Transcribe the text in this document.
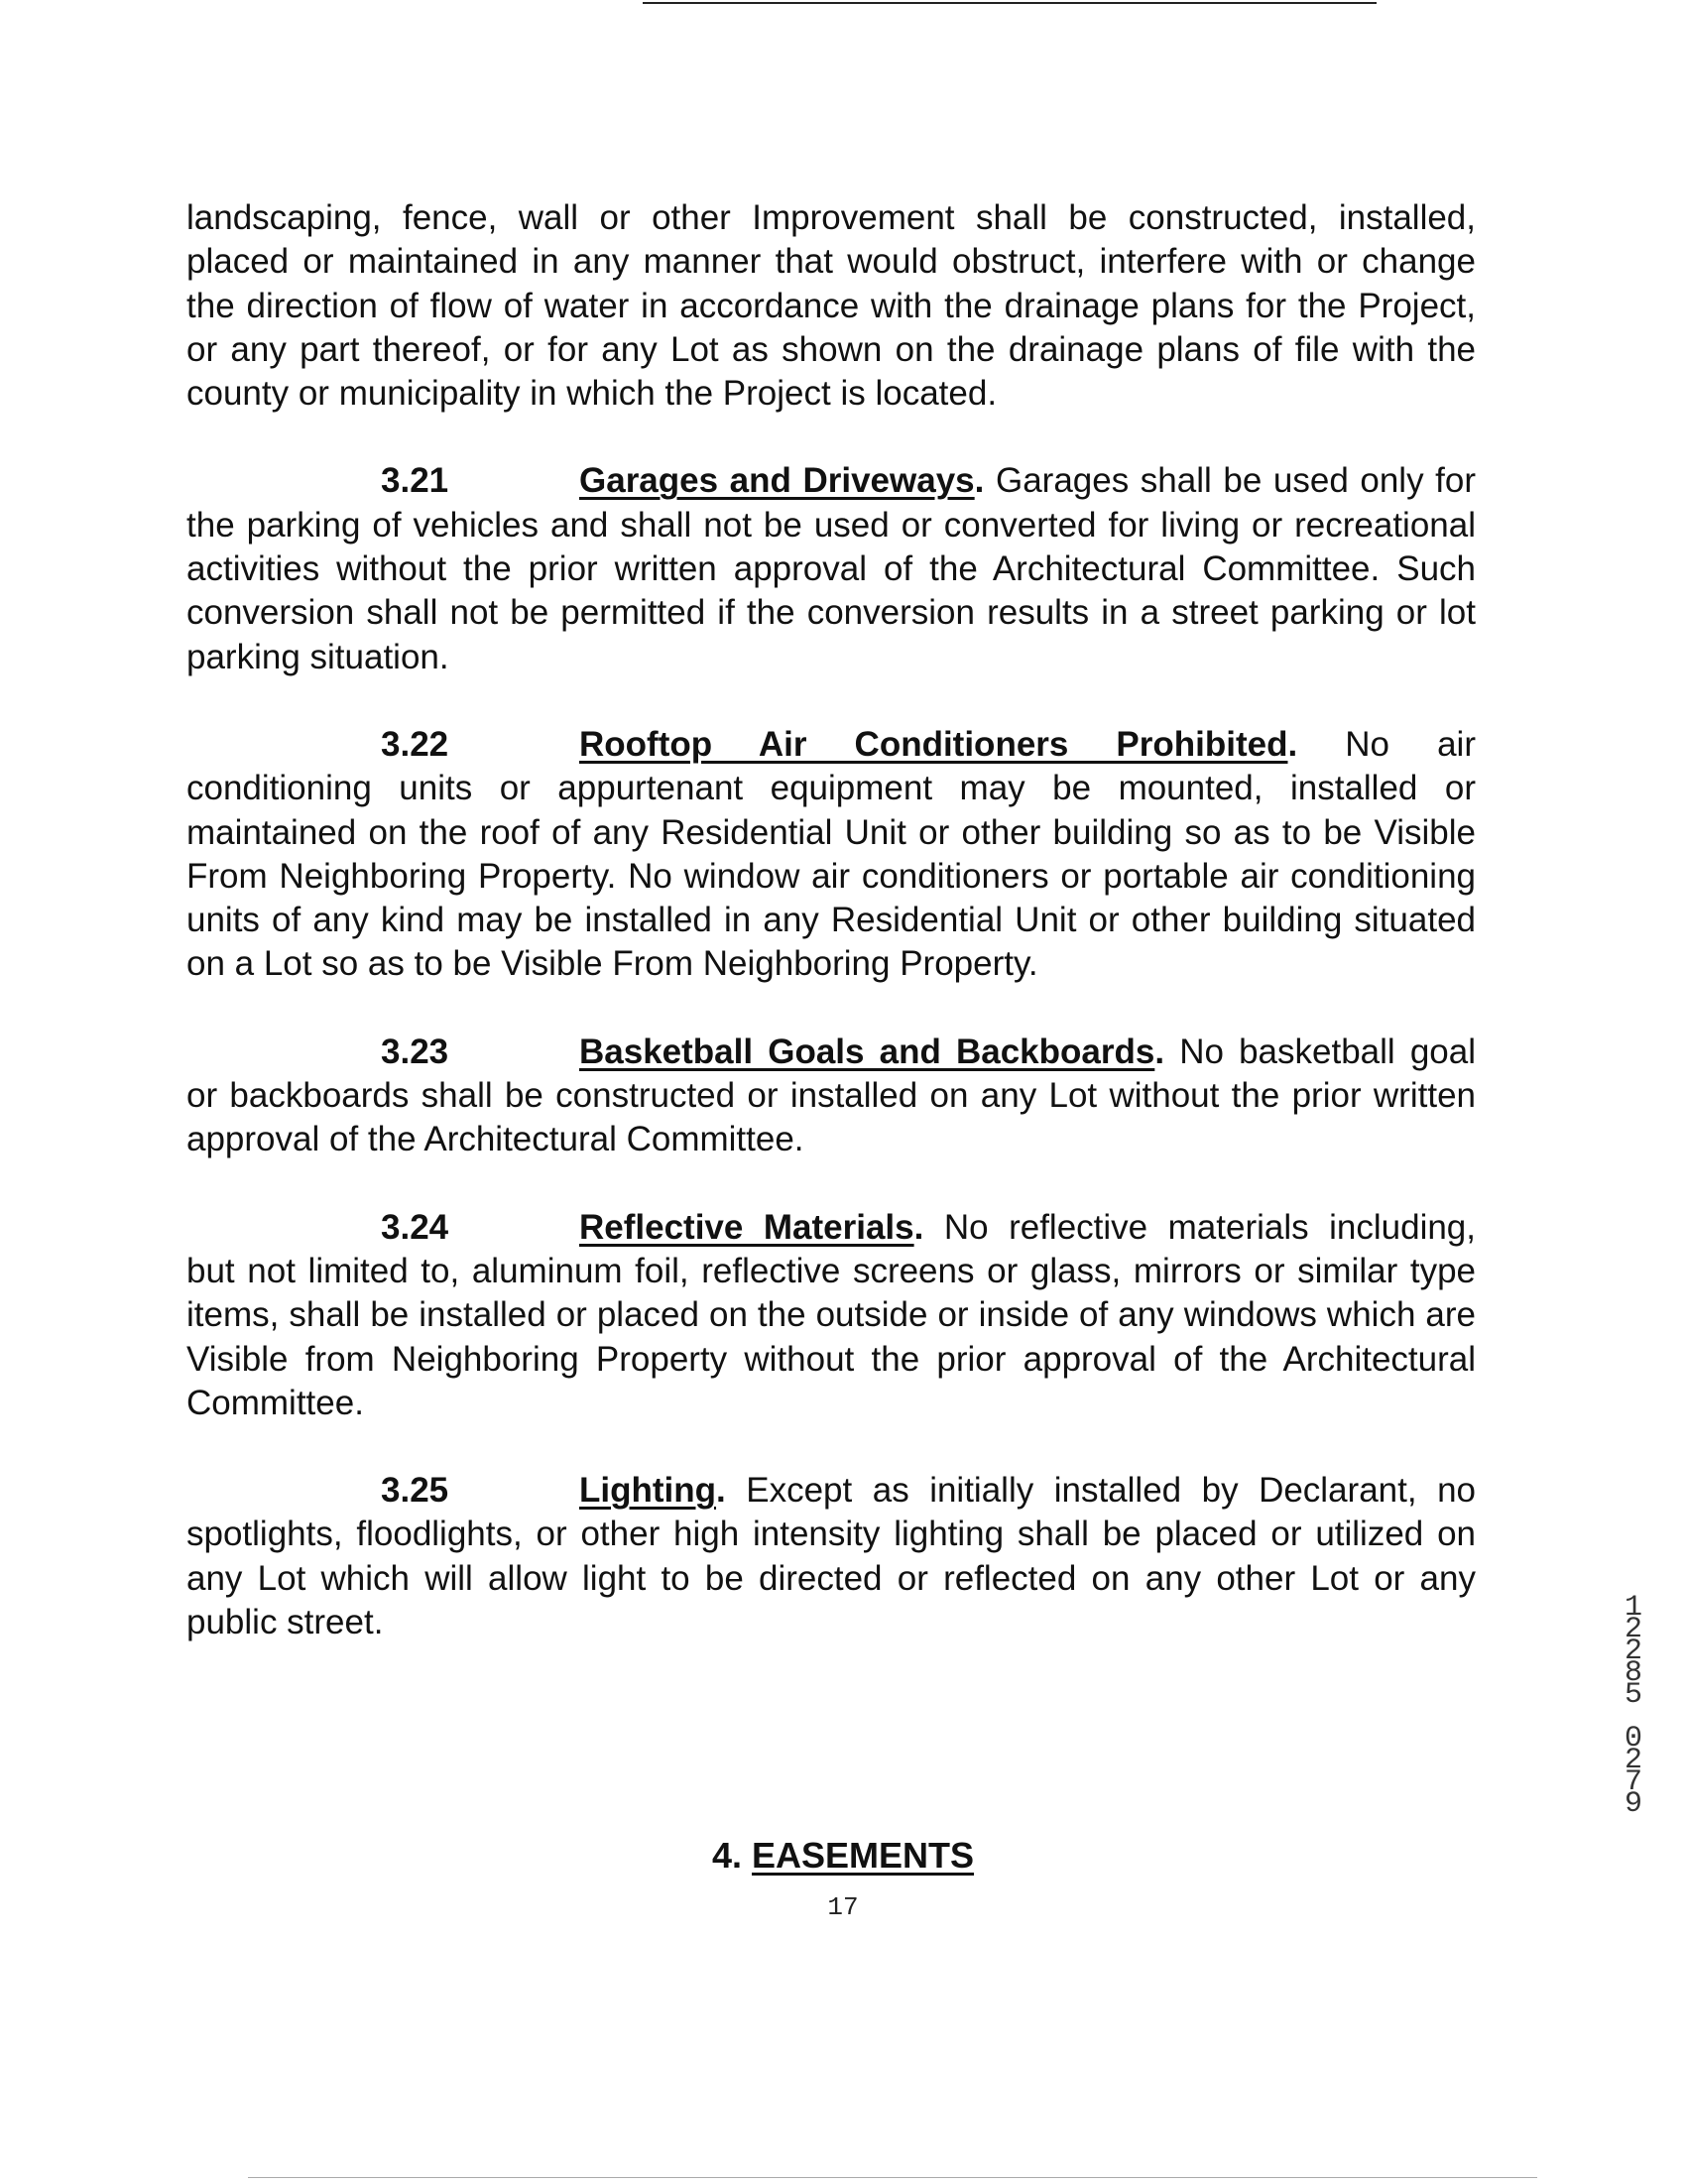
landscaping, fence, wall or other Improvement shall be constructed, installed, placed or maintained in any manner that would obstruct, interfere with or change the direction of flow of water in accordance with the drainage plans for the Project, or any part thereof, or for any Lot as shown on the drainage plans of file with the county or municipality in which the Project is located.

3.21	Garages and Driveways. Garages shall be used only for the parking of vehicles and shall not be used or converted for living or recreational activities without the prior written approval of the Architectural Committee. Such conversion shall not be permitted if the conversion results in a street parking or lot parking situation.

3.22	Rooftop Air Conditioners Prohibited. No air conditioning units or appurtenant equipment may be mounted, installed or maintained on the roof of any Residential Unit or other building so as to be Visible From Neighboring Property. No window air conditioners or portable air conditioning units of any kind may be installed in any Residential Unit or other building situated on a Lot so as to be Visible From Neighboring Property.

3.23	Basketball Goals and Backboards. No basketball goal or backboards shall be constructed or installed on any Lot without the prior written approval of the Architectural Committee.

3.24	Reflective Materials. No reflective materials including, but not limited to, aluminum foil, reflective screens or glass, mirrors or similar type items, shall be installed or placed on the outside or inside of any windows which are Visible from Neighboring Property without the prior approval of the Architectural Committee.

3.25	Lighting. Except as initially installed by Declarant, no spotlights, floodlights, or other high intensity lighting shall be placed or utilized on any Lot which will allow light to be directed or reflected on any other Lot or any public street.

4. EASEMENTS
17
12285
0279
